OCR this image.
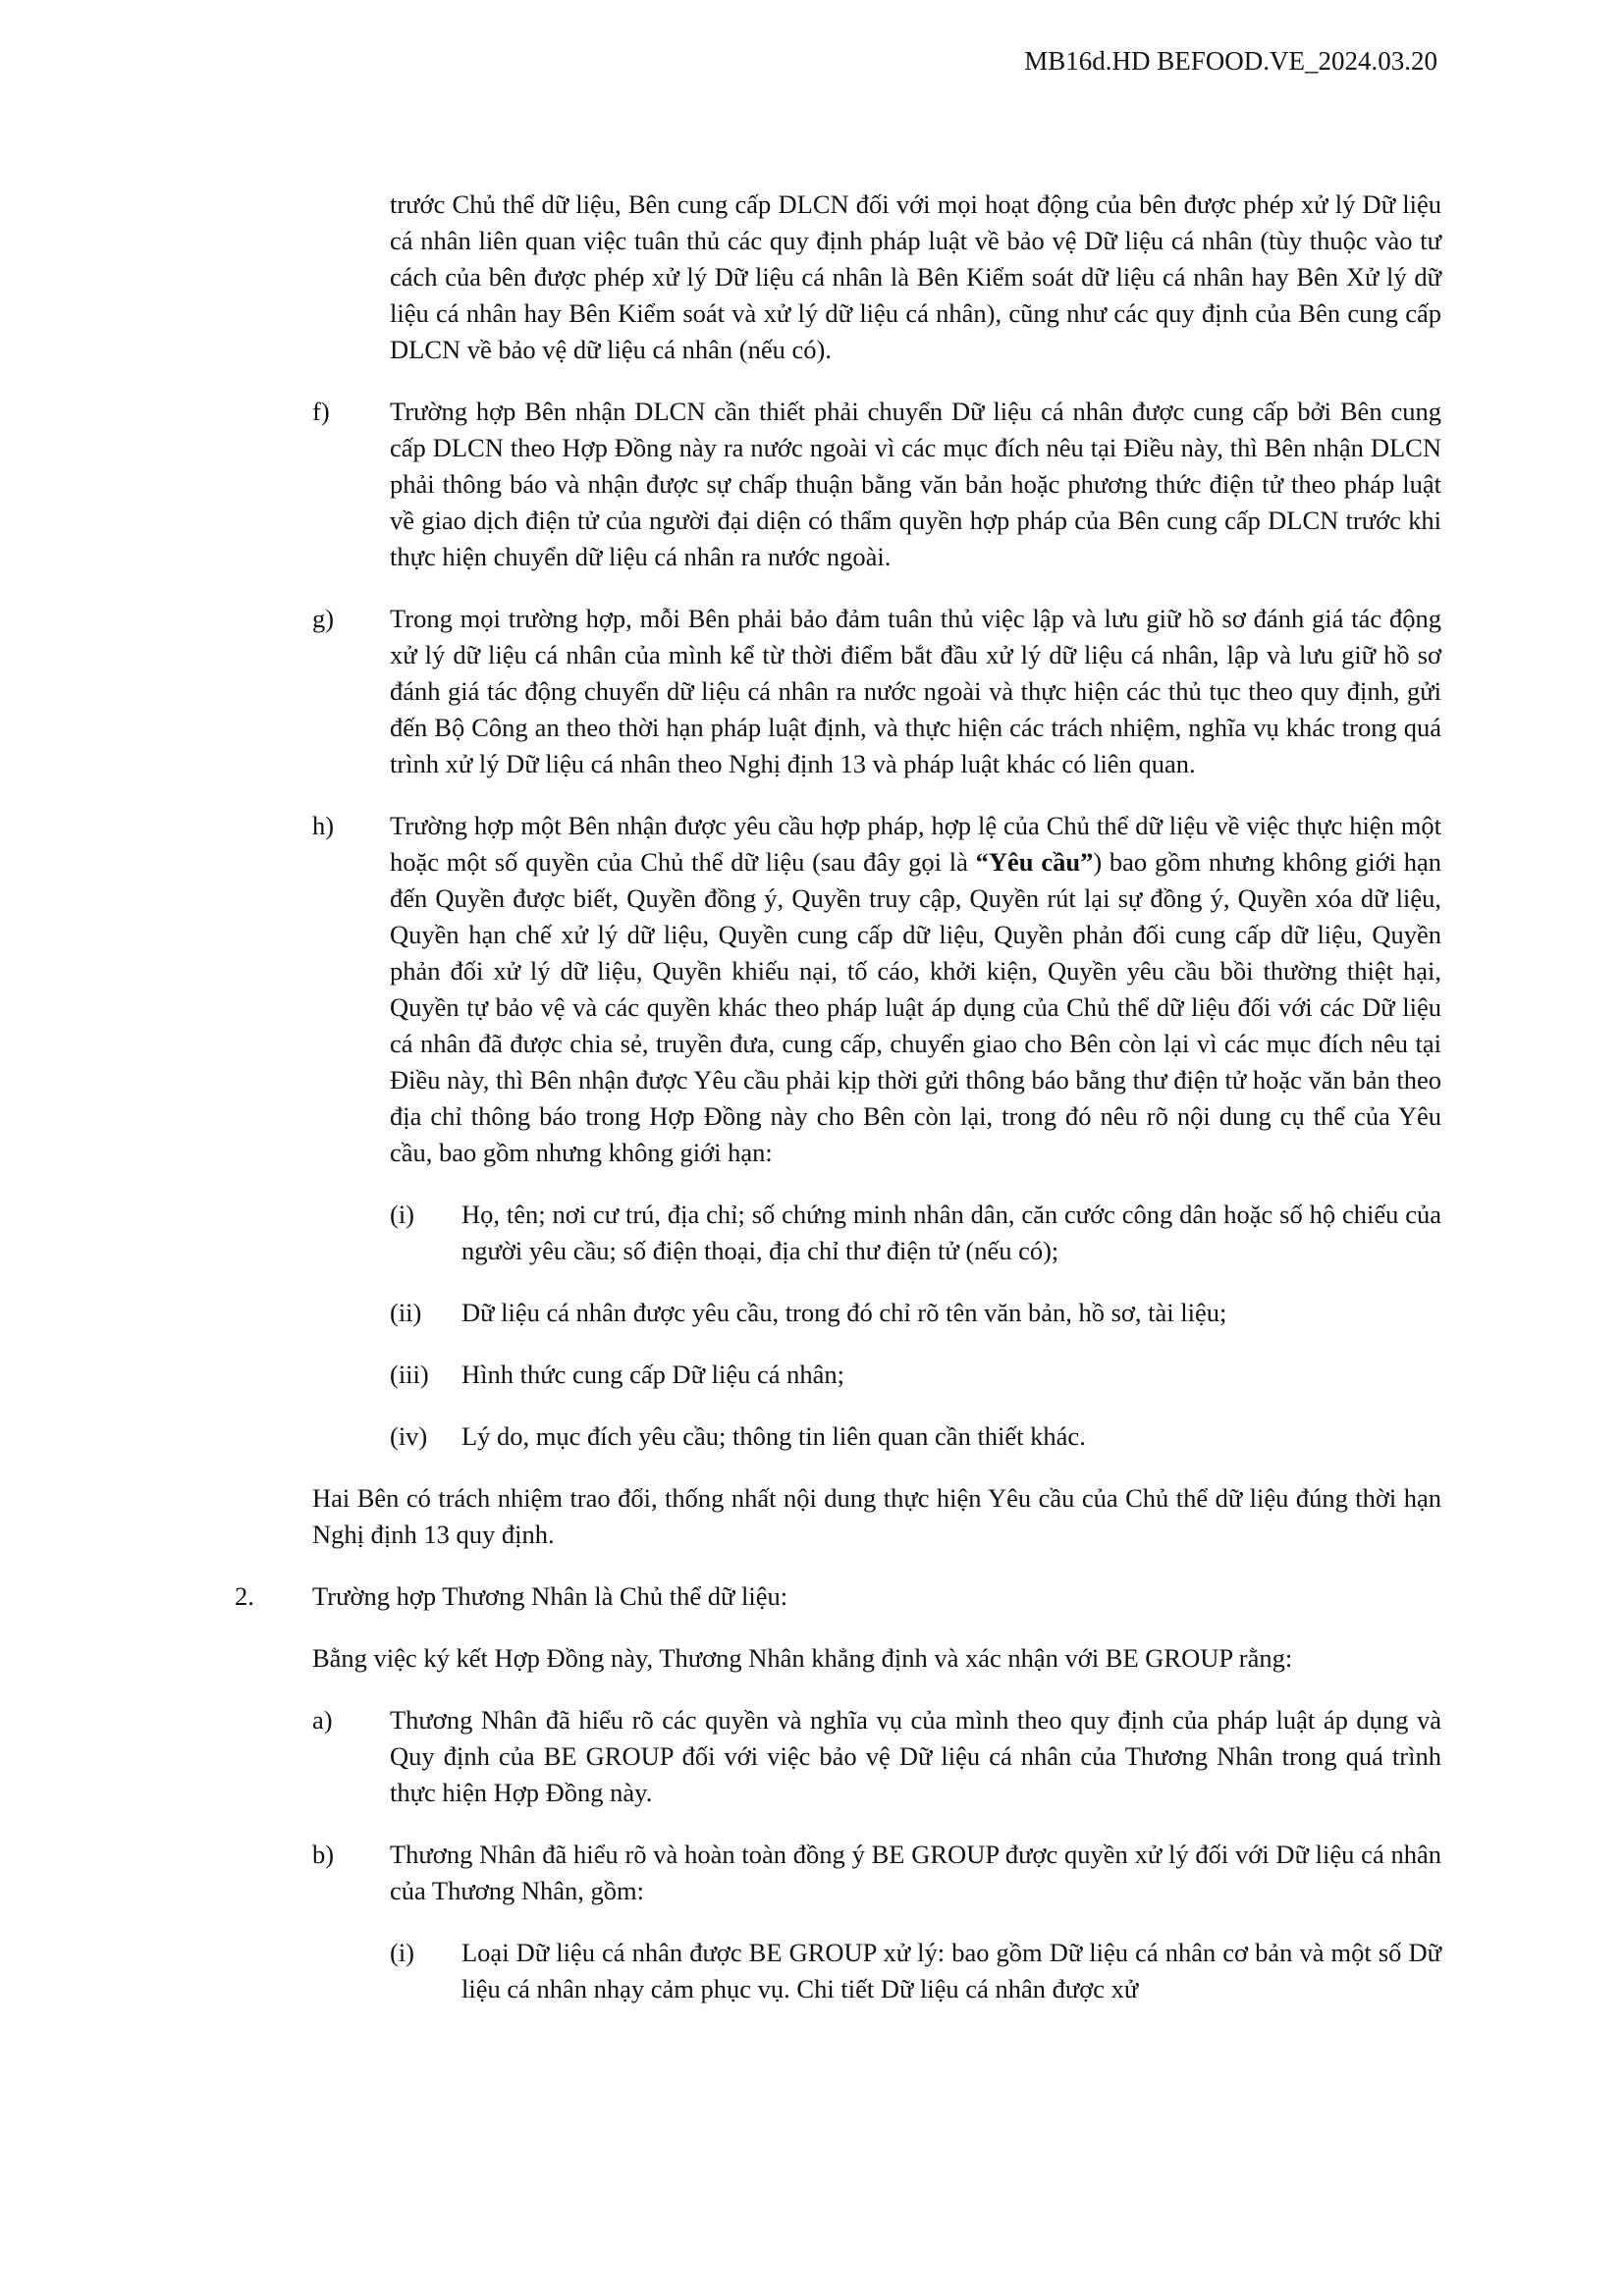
MB16d.HD BEFOOD.VE_2024.03.20

trước Chủ thể dữ liệu, Bên cung cấp DLCN đối với mọi hoạt động của bên được phép xử lý Dữ liệu cá nhân liên quan việc tuân thủ các quy định pháp luật về bảo vệ Dữ liệu cá nhân (tùy thuộc vào tư cách của bên được phép xử lý Dữ liệu cá nhân là Bên Kiểm soát dữ liệu cá nhân hay Bên Xử lý dữ liệu cá nhân hay Bên Kiểm soát và xử lý dữ liệu cá nhân), cũng như các quy định của Bên cung cấp DLCN về bảo vệ dữ liệu cá nhân (nếu có).

f)	Trường hợp Bên nhận DLCN cần thiết phải chuyển Dữ liệu cá nhân được cung cấp bởi Bên cung cấp DLCN theo Hợp Đồng này ra nước ngoài vì các mục đích nêu tại Điều này, thì Bên nhận DLCN phải thông báo và nhận được sự chấp thuận bằng văn bản hoặc phương thức điện tử theo pháp luật về giao dịch điện tử của người đại diện có thẩm quyền hợp pháp của Bên cung cấp DLCN trước khi thực hiện chuyển dữ liệu cá nhân ra nước ngoài.
g)	Trong mọi trường hợp, mỗi Bên phải bảo đảm tuân thủ việc lập và lưu giữ hồ sơ đánh giá tác động xử lý dữ liệu cá nhân của mình kể từ thời điểm bắt đầu xử lý dữ liệu cá nhân, lập và lưu giữ hồ sơ đánh giá tác động chuyển dữ liệu cá nhân ra nước ngoài và thực hiện các thủ tục theo quy định, gửi đến Bộ Công an theo thời hạn pháp luật định, và thực hiện các trách nhiệm, nghĩa vụ khác trong quá trình xử lý Dữ liệu cá nhân theo Nghị định 13 và pháp luật khác có liên quan.
h)	Trường hợp một Bên nhận được yêu cầu hợp pháp, hợp lệ của Chủ thể dữ liệu về việc thực hiện một hoặc một số quyền của Chủ thể dữ liệu (sau đây gọi là “Yêu cầu”) bao gồm nhưng không giới hạn đến Quyền được biết, Quyền đồng ý, Quyền truy cập, Quyền rút lại sự đồng ý, Quyền xóa dữ liệu, Quyền hạn chế xử lý dữ liệu, Quyền cung cấp dữ liệu, Quyền phản đối cung cấp dữ liệu, Quyền phản đối xử lý dữ liệu, Quyền khiếu nại, tố cáo, khởi kiện, Quyền yêu cầu bồi thường thiệt hại, Quyền tự bảo vệ và các quyền khác theo pháp luật áp dụng của Chủ thể dữ liệu đối với các Dữ liệu cá nhân đã được chia sẻ, truyền đưa, cung cấp, chuyển giao cho Bên còn lại vì các mục đích nêu tại Điều này, thì Bên nhận được Yêu cầu phải kịp thời gửi thông báo bằng thư điện tử hoặc văn bản theo địa chỉ thông báo trong Hợp Đồng này cho Bên còn lại, trong đó nêu rõ nội dung cụ thể của Yêu cầu, bao gồm nhưng không giới hạn:
(i)	Họ, tên; nơi cư trú, địa chỉ; số chứng minh nhân dân, căn cước công dân hoặc số hộ chiếu của người yêu cầu; số điện thoại, địa chỉ thư điện tử (nếu có);
(ii)	Dữ liệu cá nhân được yêu cầu, trong đó chỉ rõ tên văn bản, hồ sơ, tài liệu;
(iii)	Hình thức cung cấp Dữ liệu cá nhân;
(iv)	Lý do, mục đích yêu cầu; thông tin liên quan cần thiết khác.

Hai Bên có trách nhiệm trao đổi, thống nhất nội dung thực hiện Yêu cầu của Chủ thể dữ liệu đúng thời hạn Nghị định 13 quy định.

2.	Trường hợp Thương Nhân là Chủ thể dữ liệu:

Bằng việc ký kết Hợp Đồng này, Thương Nhân khẳng định và xác nhận với BE GROUP rằng:

a)	Thương Nhân đã hiểu rõ các quyền và nghĩa vụ của mình theo quy định của pháp luật áp dụng và Quy định của BE GROUP đối với việc bảo vệ Dữ liệu cá nhân của Thương Nhân trong quá trình thực hiện Hợp Đồng này.
b)	Thương Nhân đã hiểu rõ và hoàn toàn đồng ý BE GROUP được quyền xử lý đối với Dữ liệu cá nhân của Thương Nhân, gồm:
(i)	Loại Dữ liệu cá nhân được BE GROUP xử lý: bao gồm Dữ liệu cá nhân cơ bản và một số Dữ liệu cá nhân nhạy cảm phục vụ. Chi tiết Dữ liệu cá nhân được xử
